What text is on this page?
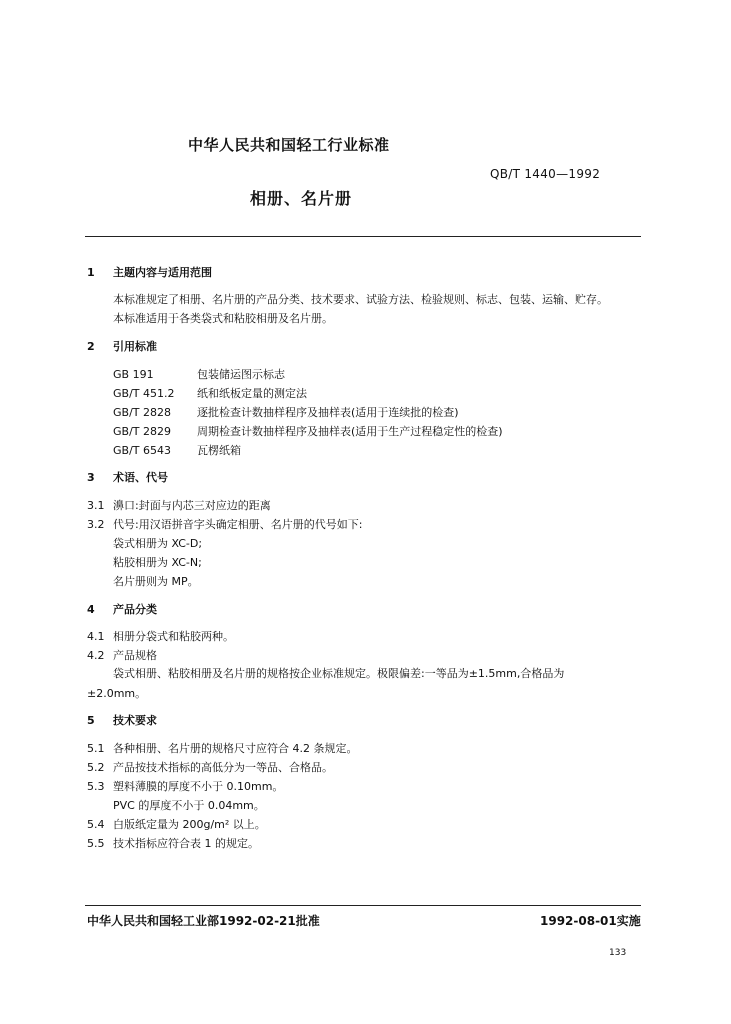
中华人民共和国轻工行业标准
QB/T 1440—1992
相册、名片册
1 主题内容与适用范围
本标准规定了相册、名片册的产品分类、技术要求、试验方法、检验规则、标志、包装、运输、贮存。
本标准适用于各类袋式和粘胶相册及名片册。
2 引用标准
GB 191	包装储运图示标志
GB/T 451.2 纸和纸板定量的测定法
GB/T 2828 逐批检查计数抽样程序及抽样表(适用于连续批的检查)
GB/T 2829 周期检查计数抽样程序及抽样表(适用于生产过程稳定性的检查)
GB/T 6543 瓦楞纸箱
3 术语、代号
3.1 濞口:封面与内芯三对应边的距离
3.2 代号:用汉语拼音字头确定相册、名片册的代号如下:
袋式相册为 XC-D;
粘胶相册为 XC-N;
名片册则为 MP。
4 产品分类
4.1 相册分袋式和粘胶两种。
4.2 产品规格
袋式相册、粘胶相册及名片册的规格按企业标准规定。极限偏差:一等品为±1.5mm,合格品为
±2.0mm。
5 技术要求
5.1 各种相册、名片册的规格尺寸应符合 4.2 条规定。
5.2 产品按技术指标的高低分为一等品、合格品。
5.3 塑料薄膜的厚度不小于 0.10mm。
PVC 的厚度不小于 0.04mm。
5.4 白版纸定量为 200g/m² 以上。
5.5 技术指标应符合表 1 的规定。
中华人民共和国轻工业部1992-02-21批准	1992-08-01实施
133
